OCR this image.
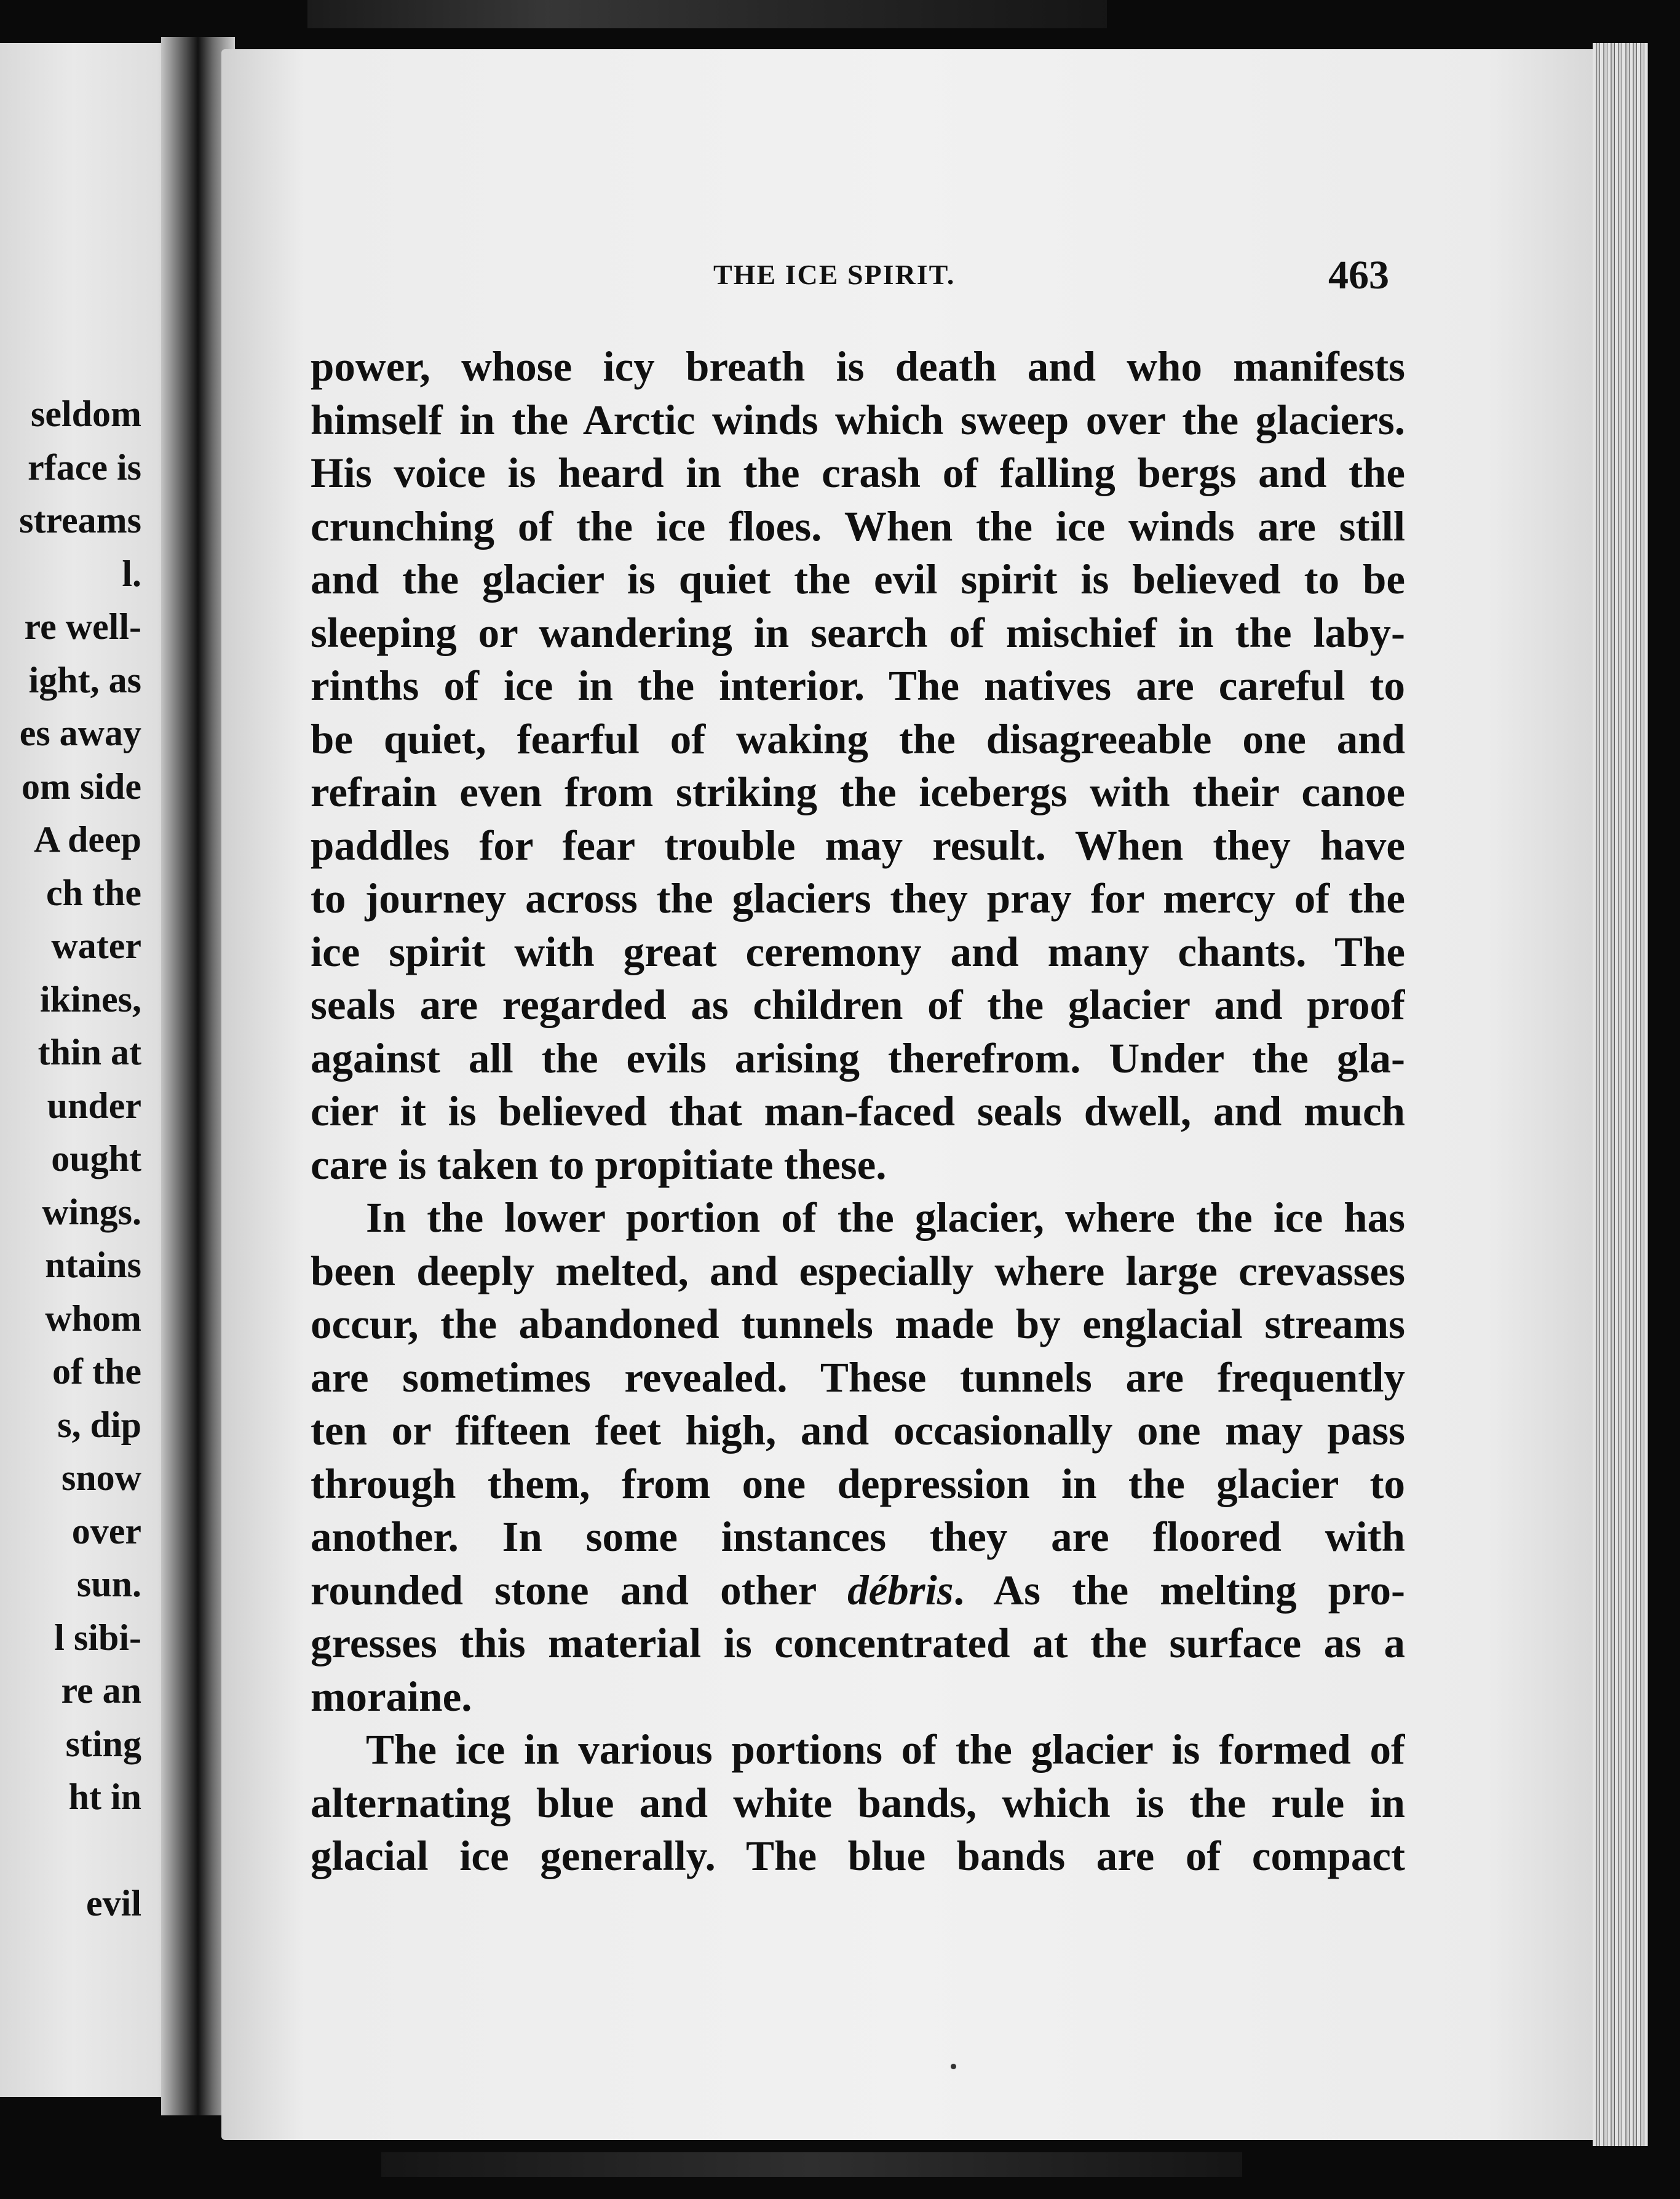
seldom
rface is
streams
l.
re well-
ight, as
es away
om side
A deep
ch the
water
ikines,
thin at
under
ought
wings.
ntains
whom
of the
s, dip
snow
over
sun.
l sibi-
re an
sting
ht in
evil
THE ICE SPIRIT.	463
power, whose icy breath is death and who manifests
himself in the Arctic winds which sweep over the glaciers.
His voice is heard in the crash of falling bergs and the
crunching of the ice floes. When the ice winds are still
and the glacier is quiet the evil spirit is believed to be
sleeping or wandering in search of mischief in the laby-
rinths of ice in the interior. The natives are careful to
be quiet, fearful of waking the disagreeable one and
refrain even from striking the icebergs with their canoe
paddles for fear trouble may result. When they have
to journey across the glaciers they pray for mercy of the
ice spirit with great ceremony and many chants. The
seals are regarded as children of the glacier and proof
against all the evils arising therefrom. Under the gla-
cier it is believed that man-faced seals dwell, and much
care is taken to propitiate these.
In the lower portion of the glacier, where the ice has
been deeply melted, and especially where large crevasses
occur, the abandoned tunnels made by englacial streams
are sometimes revealed. These tunnels are frequently
ten or fifteen feet high, and occasionally one may pass
through them, from one depression in the glacier to
another. In some instances they are floored with
rounded stone and other débris. As the melting pro-
gresses this material is concentrated at the surface as a
moraine.
The ice in various portions of the glacier is formed of
alternating blue and white bands, which is the rule in
glacial ice generally. The blue bands are of compact
